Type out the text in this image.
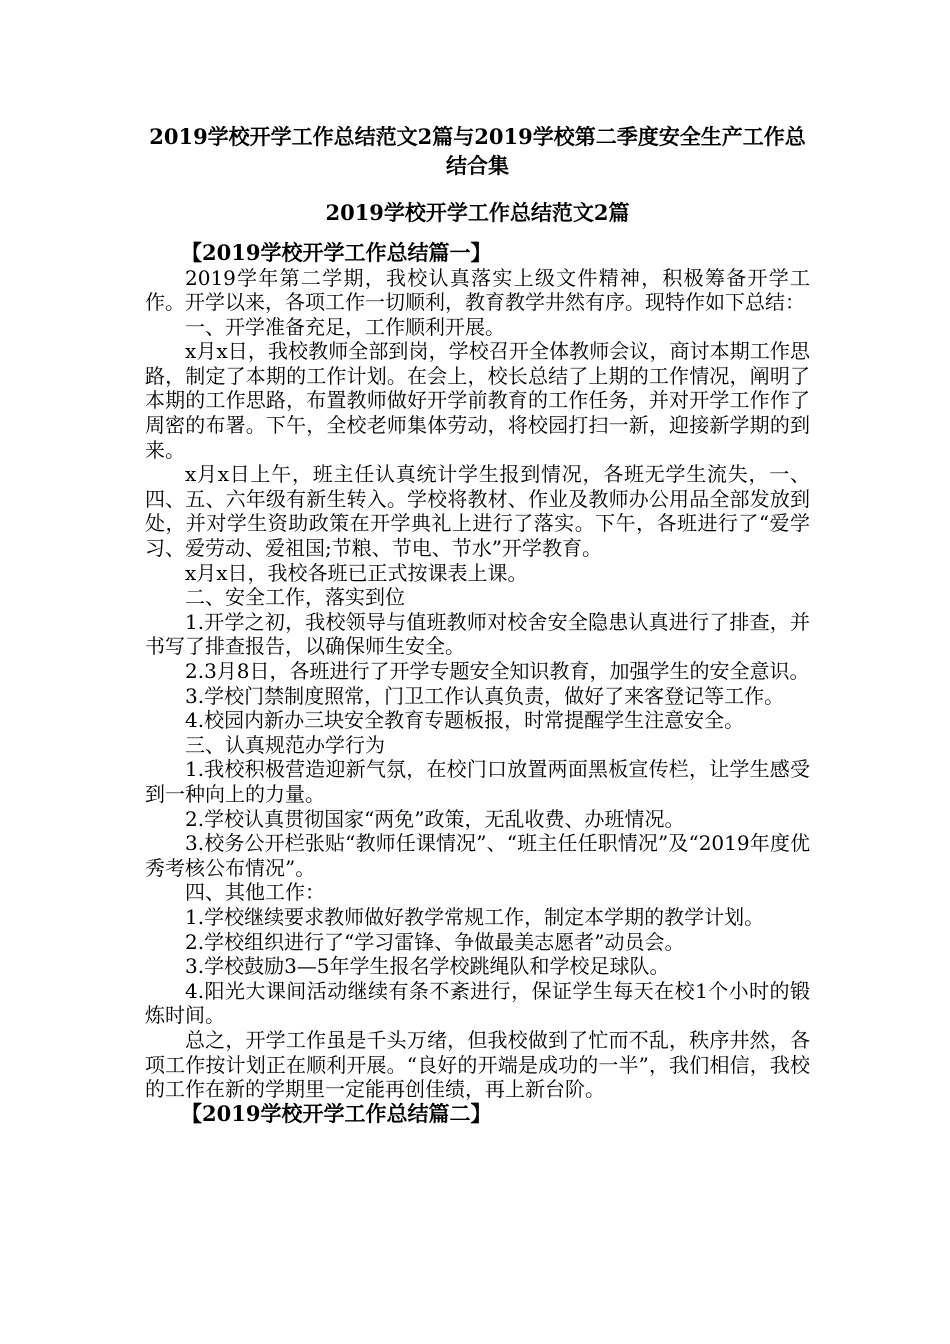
2019学校开学工作总结范文2篇与2019学校第二季度安全生产工作总结合集
2019学校开学工作总结范文2篇
【2019学校开学工作总结篇一】

2019学年第二学期，我校认真落实上级文件精神，积极筹备开学工作。开学以来，各项工作一切顺利，教育教学井然有序。现特作如下总结：

一、开学准备充足，工作顺利开展。

x月x日，我校教师全部到岗，学校召开全体教师会议，商讨本期工作思路，制定了本期的工作计划。在会上，校长总结了上期的工作情况，阐明了本期的工作思路，布置教师做好开学前教育的工作任务，并对开学工作作了周密的布署。下午，全校老师集体劳动，将校园打扫一新，迎接新学期的到来。

x月x日上午，班主任认真统计学生报到情况，各班无学生流失，一、四、五、六年级有新生转入。学校将教材、作业及教师办公用品全部发放到处，并对学生资助政策在开学典礼上进行了落实。下午，各班进行了“爱学习、爱劳动、爱祖国;节粮、节电、节水”开学教育。

x月x日，我校各班已正式按课表上课。

二、安全工作，落实到位

1.开学之初，我校领导与值班教师对校舍安全隐患认真进行了排查，并书写了排查报告，以确保师生安全。

2.3月8日，各班进行了开学专题安全知识教育，加强学生的安全意识。

3.学校门禁制度照常，门卫工作认真负责，做好了来客登记等工作。

4.校园内新办三块安全教育专题板报，时常提醒学生注意安全。

三、认真规范办学行为

1.我校积极营造迎新气氛，在校门口放置两面黑板宣传栏，让学生感受到一种向上的力量。

2.学校认真贯彻国家“两免”政策，无乱收费、办班情况。

3.校务公开栏张贴“教师任课情况”、“班主任任职情况”及“2019年度优秀考核公布情况”。

四、其他工作：

1.学校继续要求教师做好教学常规工作，制定本学期的教学计划。

2.学校组织进行了“学习雷锋、争做最美志愿者”动员会。

3.学校鼓励3—5年学生报名学校跳绳队和学校足球队。

4.阳光大课间活动继续有条不紊进行，保证学生每天在校1个小时的锻炼时间。

总之，开学工作虽是千头万绪，但我校做到了忙而不乱，秩序井然，各项工作按计划正在顺利开展。“良好的开端是成功的一半”，我们相信，我校的工作在新的学期里一定能再创佳绩，再上新台阶。

【2019学校开学工作总结篇二】
